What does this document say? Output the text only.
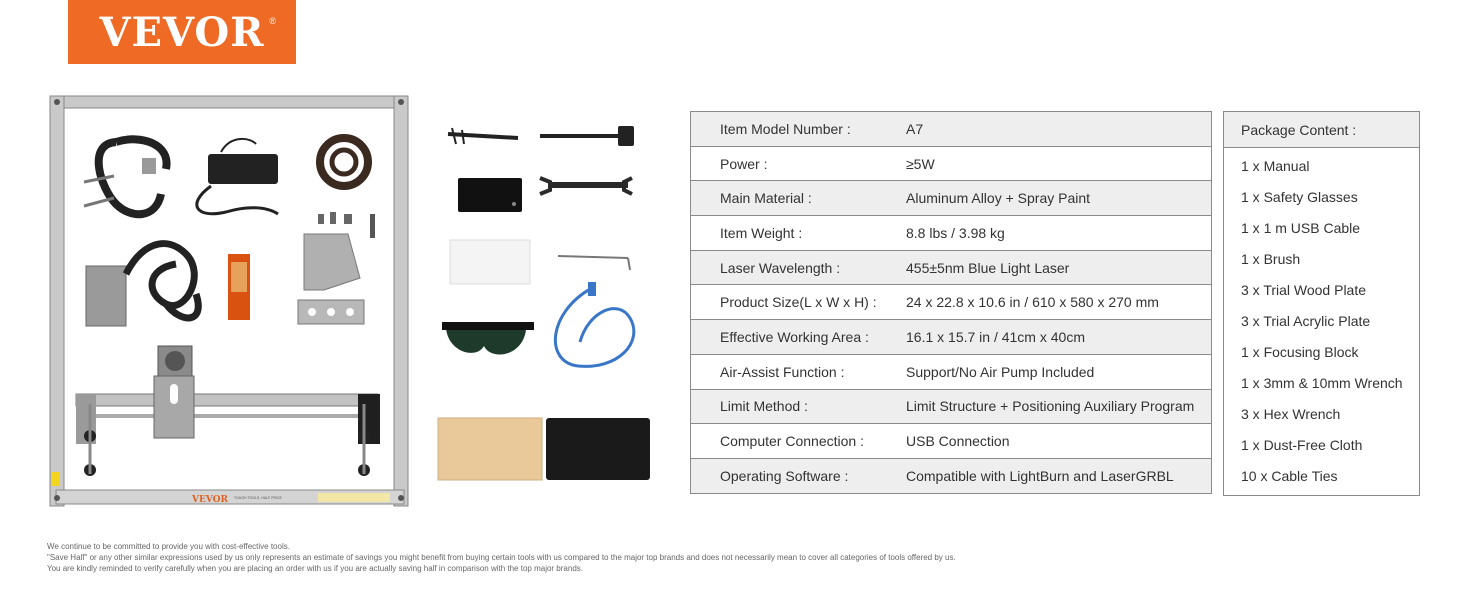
VEVOR ®
VEVOR TOUGH TOOLS, HALF PRICE
Item Model Number :	A7
Power :	≥5W
Main Material :	Aluminum Alloy + Spray Paint
Item Weight :	8.8 lbs / 3.98 kg
Laser Wavelength :	455±5nm Blue Light Laser
Product Size(L x W x H) :	24 x 22.8 x 10.6 in / 610 x 580 x 270 mm
Effective Working Area :	16.1 x 15.7 in / 41cm x 40cm
Air-Assist Function :	Support/No Air Pump Included
Limit Method :	Limit Structure + Positioning Auxiliary Program
Computer Connection :	USB Connection
Operating Software :	Compatible with LightBurn and LaserGRBL
Package Content :
1 x Manual
1 x Safety Glasses
1 x 1 m USB Cable
1 x Brush
3 x Trial Wood Plate
3 x Trial Acrylic Plate
1 x Focusing Block
1 x 3mm & 10mm Wrench
3 x Hex Wrench
1 x Dust-Free Cloth
10 x Cable Ties
We continue to be committed to provide you with cost-effective tools.
"Save Half" or any other similar expressions used by us only represents an estimate of savings you might benefit from buying certain tools with us compared to the major top brands and does not necessarily mean to cover all categories of tools offered by us.
You are kindly reminded to verify carefully when you are placing an order with us if you are actually saving half in comparison with the top major brands.
